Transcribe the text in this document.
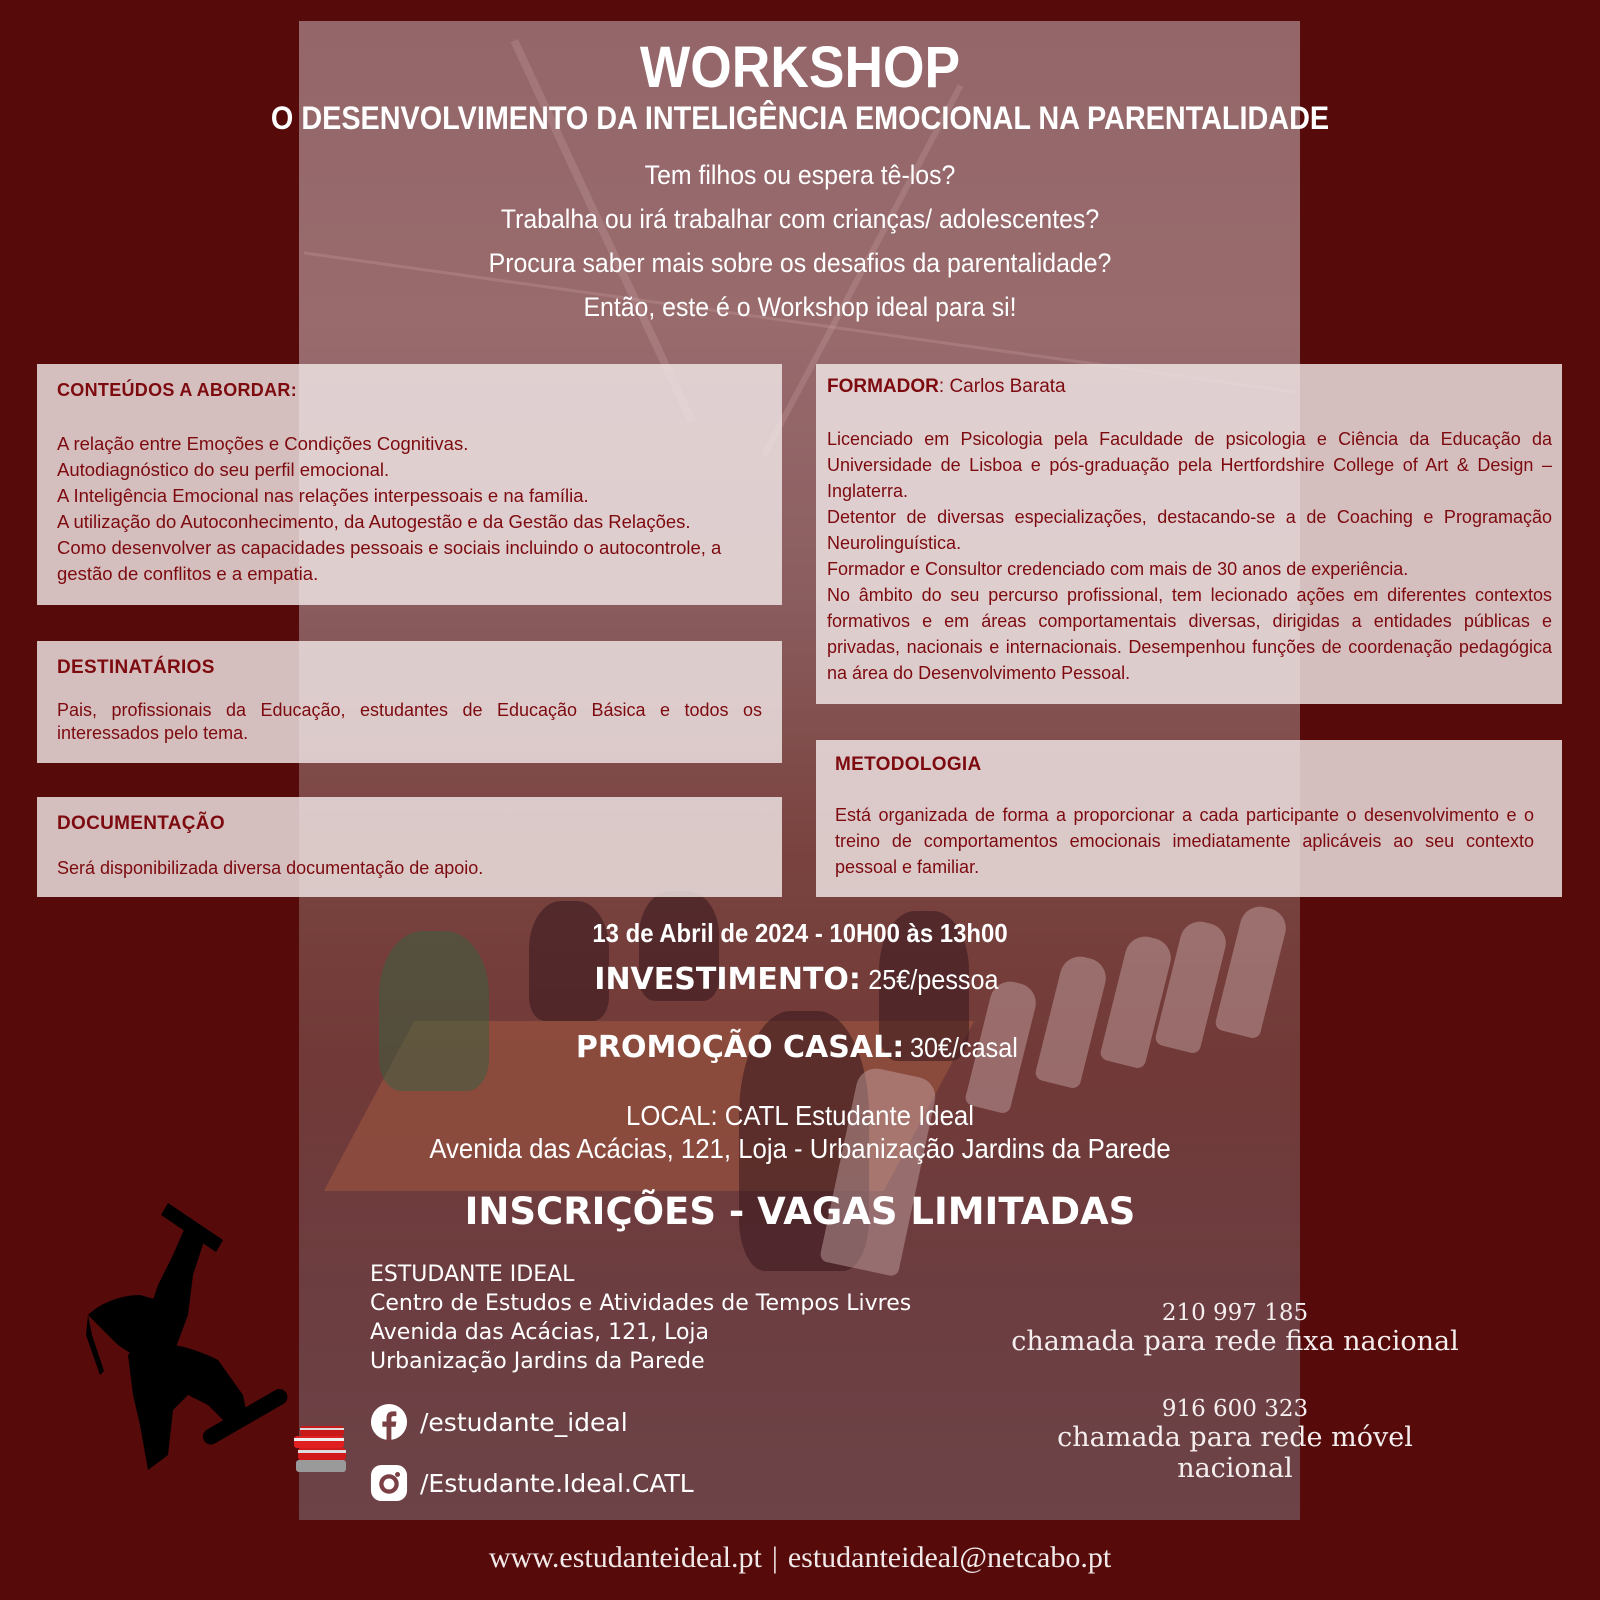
WORKSHOP
O DESENVOLVIMENTO DA INTELIGÊNCIA EMOCIONAL NA PARENTALIDADE
Tem filhos ou espera tê-los?
Trabalha ou irá trabalhar com crianças/ adolescentes?
Procura saber mais sobre os desafios da parentalidade?
Então, este é o Workshop ideal para si!
CONTEÚDOS A ABORDAR:

A relação entre Emoções e Condições Cognitivas.

Autodiagnóstico do seu perfil emocional.

A Inteligência Emocional nas relações interpessoais e na família.

A utilização do Autoconhecimento, da Autogestão e da Gestão das Relações.

Como desenvolver as capacidades pessoais e sociais incluindo o autocontrole, a gestão de conflitos e a empatia.

DESTINATÁRIOS

Pais, profissionais da Educação, estudantes de Educação Básica e todos os interessados pelo tema.

DOCUMENTAÇÃO

Será disponibilizada diversa documentação de apoio.

FORMADOR: Carlos Barata

Licenciado em Psicologia pela Faculdade de psicologia e Ciência da Educação da Universidade de Lisboa e pós-graduação pela Hertfordshire College of Art & Design – Inglaterra.

Detentor de diversas especializações, destacando-se a de Coaching e Programação Neurolinguística.

Formador e Consultor credenciado com mais de 30 anos de experiência.

No âmbito do seu percurso profissional, tem lecionado ações em diferentes contextos formativos e em áreas comportamentais diversas, dirigidas a entidades públicas e privadas, nacionais e internacionais. Desempenhou funções de coordenação pedagógica na área do Desenvolvimento Pessoal.

METODOLOGIA

Está organizada de forma a proporcionar a cada participante o desenvolvimento e o treino de comportamentos emocionais imediatamente aplicáveis ao seu contexto pessoal e familiar.

13 de Abril de 2024 - 10H00 às 13h00
INVESTIMENTO:25€/pessoa
PROMOÇÃO CASAL:30€/casal
LOCAL: CATL Estudante Ideal
Avenida das Acácias, 121, Loja - Urbanização Jardins da Parede
INSCRIÇÕES - VAGAS LIMITADAS
ESTUDANTE IDEAL
Centro de Estudos e Atividades de Tempos Livres
Avenida das Acácias, 121, Loja
Urbanização Jardins da Parede
/estudante_ideal
/Estudante.Ideal.CATL
210 997 185
chamada para rede fixa nacional
916 600 323
chamada para rede móvel nacional
www.estudanteideal.pt | estudanteideal@netcabo.pt
